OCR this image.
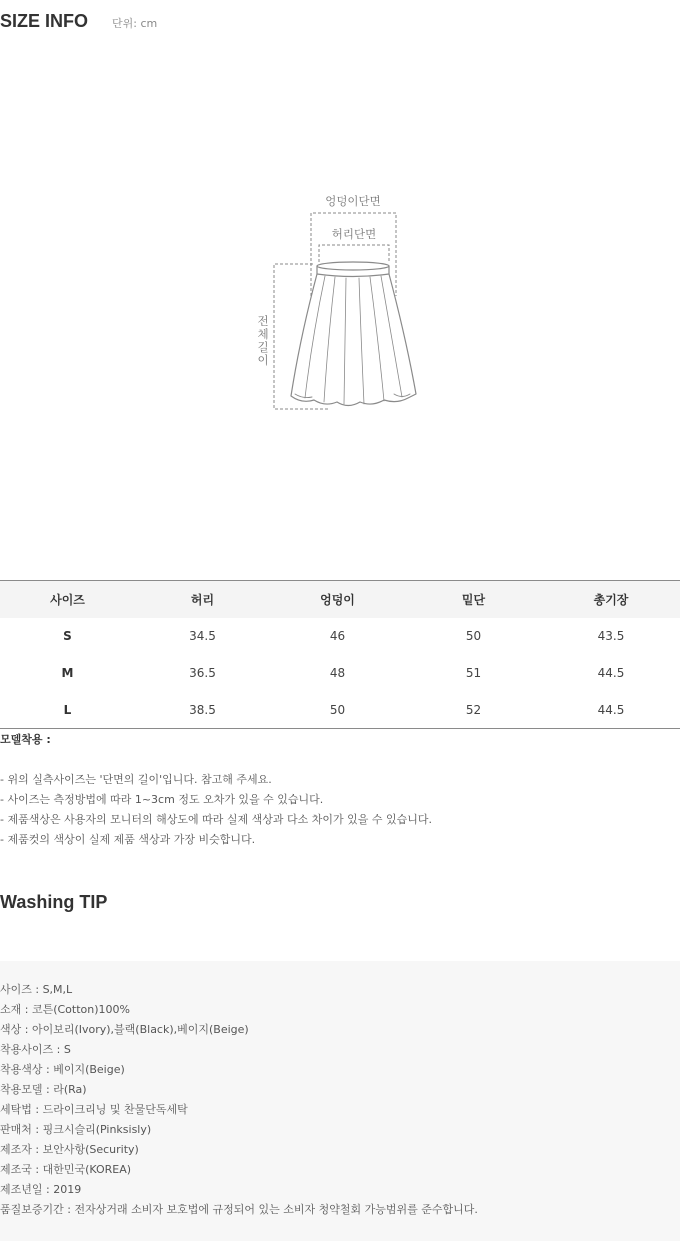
SIZE INFO 단위: cm
엉덩이단면
허리단면
전
체
길
이
사이즈	허리	엉덩이	밑단	총기장
S	34.5	46	50	43.5
M	36.5	48	51	44.5
L	38.5	50	52	44.5
모델착용 :
- 위의 실측사이즈는 '단면의 길이'입니다. 참고해 주세요.
- 사이즈는 측정방법에 따라 1~3cm 정도 오차가 있을 수 있습니다.
- 제품색상은 사용자의 모니터의 해상도에 따라 실제 색상과 다소 차이가 있을 수 있습니다.
- 제품컷의 색상이 실제 제품 색상과 가장 비슷합니다.
Washing TIP
사이즈 : S,M,L
소재 : 코튼(Cotton)100%
색상 : 아이보리(Ivory),블랙(Black),베이지(Beige)
착용사이즈 : S
착용색상 : 베이지(Beige)
착용모델 : 라(Ra)
세탁법 : 드라이크리닝 및 찬물단독세탁
판매처 : 핑크시슬리(Pinksisly)
제조자 : 보안사항(Security)
제조국 : 대한민국(KOREA)
제조년일 : 2019
품질보증기간 : 전자상거래 소비자 보호법에 규정되어 있는 소비자 청약철회 가능범위를 준수합니다.
